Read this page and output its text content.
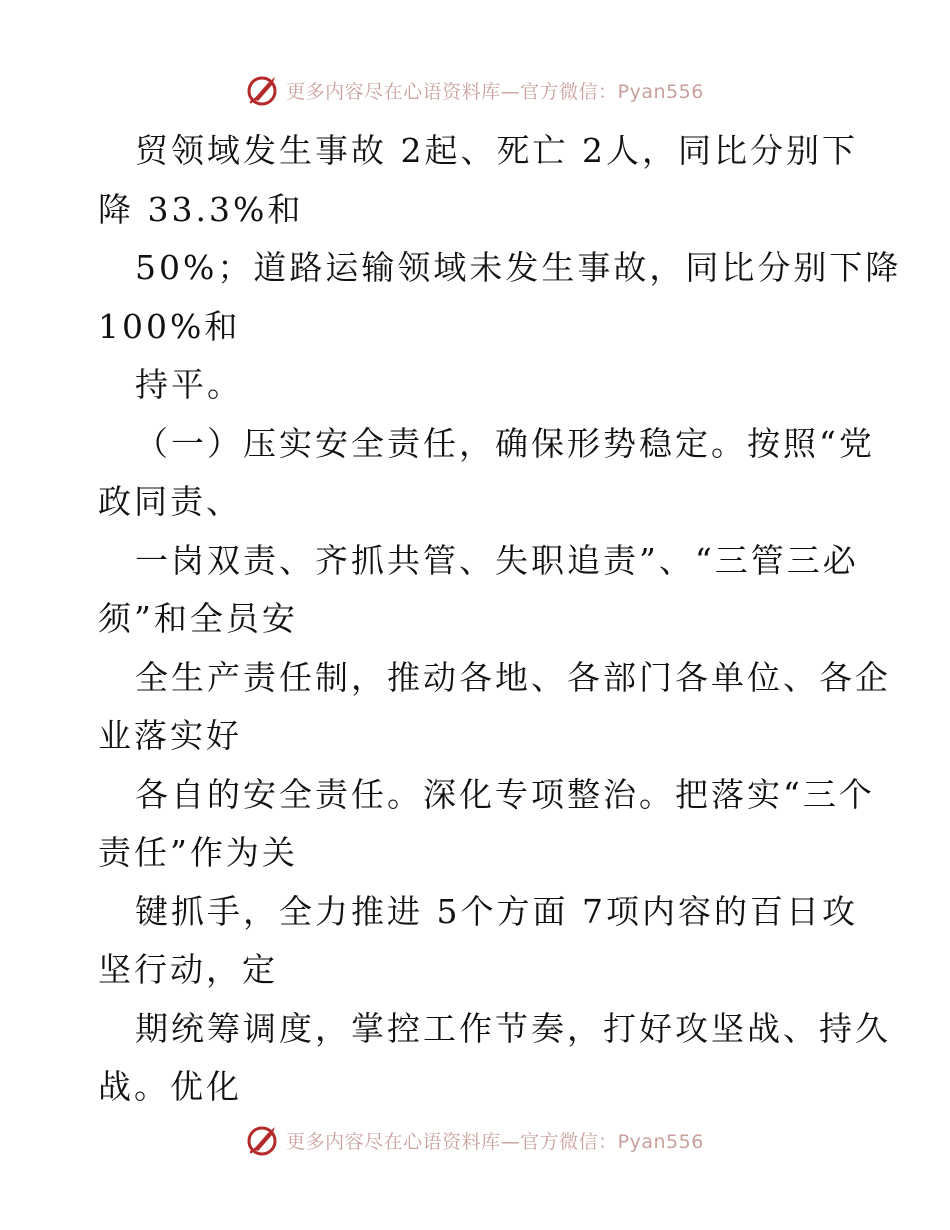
更多内容尽在心语资料库—官方微信：Pyan556
贸领域发生事故 2起、死亡 2人，同比分别下
降 33.3%和
50%；道路运输领域未发生事故，同比分别下降
100%和
持平。
（一）压实安全责任，确保形势稳定。按照“党
政同责、
一岗双责、齐抓共管、失职追责”、“三管三必
须”和全员安
全生产责任制，推动各地、各部门各单位、各企
业落实好
各自的安全责任。深化专项整治。把落实“三个
责任”作为关
键抓手，全力推进 5个方面 7项内容的百日攻
坚行动，定
期统筹调度，掌控工作节奏，打好攻坚战、持久
战。优化
更多内容尽在心语资料库—官方微信：Pyan556
